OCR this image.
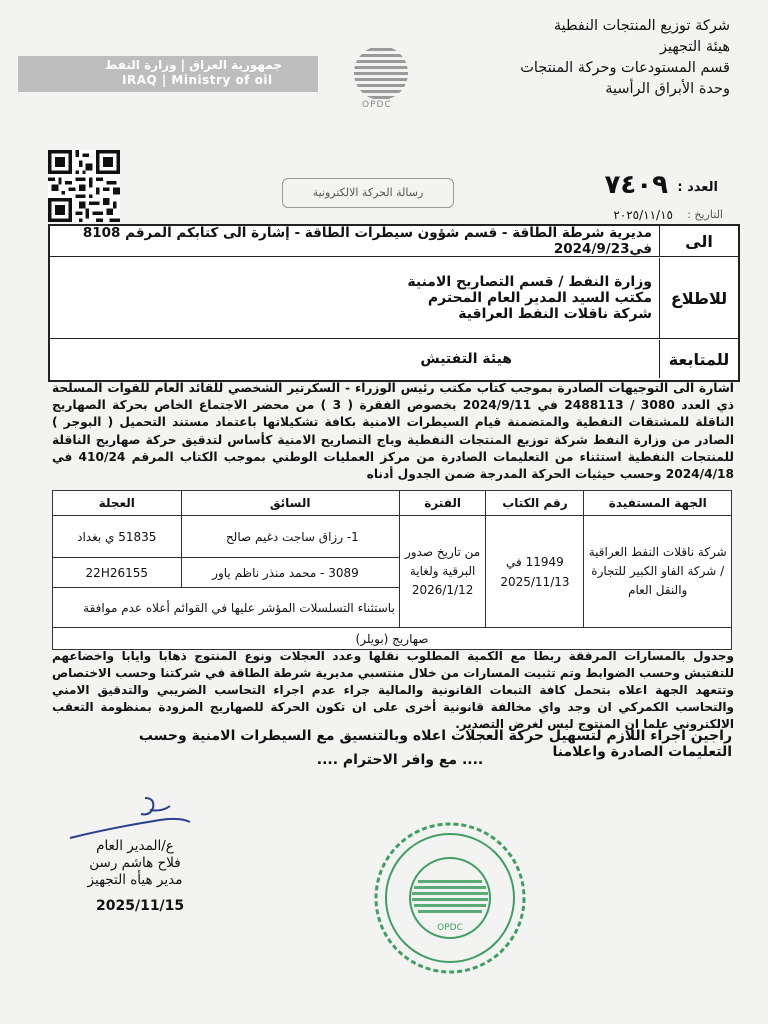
شركة توزيع المنتجات النفطية
هيئة التجهيز
قسم المستودعات وحركة المنتجات
وحدة الأبراق الرأسية
جمهورية العراق | وزارة النفط
IRAQ | Ministry of oil
OPDC
العدد :
٧٤٠٩
التاريخ :
٢٠٢٥/١١/١٥
رسالة الحركة الالكترونية
الى
مديرية شرطة الطاقة - قسم شؤون سيطرات الطاقة - إشارة الى كتابكم المرقم 8108 في2024/9/23
للاطلاع
وزارة النفط / قسم التصاريح الامنية
مكتب السيد المدير العام المحترم
شركة ناقلات النفط العراقية
للمتابعة
هيئة التفتيش
اشارة الى التوجيهات الصادرة بموجب كتاب مكتب رئيس الوزراء - السكرتير الشخصي للقائد العام للقوات المسلحة ذي العدد 3080 / 2488113 في 2024/9/11 بخصوص الفقرة ( 3 ) من محضر الاجتماع الخاص بحركة الصهاريج الناقلة للمشتقات النفطية والمتضمنة قيام السيطرات الامنية بكافة تشكيلاتها باعتماد مستند التحميل ( البوجر ) الصادر من وزارة النفط شركة توزيع المنتجات النفطية وباج التصاريح الامنية كأساس لتدقيق حركة صهاريج الناقلة للمنتجات النفطية استثناء من التعليمات الصادرة من مركز العمليات الوطني بموجب الكتاب المرقم 410/24 في 2024/4/18 وحسب حيثيات الحركة المدرجة ضمن الجدول أدناه
الجهة المستفيدة	رقم الكتاب	الفترة	السائق	العجلة
شركة ناقلات النفط العراقية / شركة الفاو الكبير للتجارة والنقل العام	11949 في 2025/11/13	من تاريخ صدور البرقية ولغاية 2026/1/12	1- رزاق ساجت دغيم صالح	51835 ي بغداد
			3089 - محمد منذر ناظم ياور	22H26155
			باستثناء التسلسلات المؤشر عليها في القوائم أعلاه عدم موافقة	
صهاريج (بويلر)				
وجدول بالمسارات المرفقة ربطا مع الكمية المطلوب نقلها وعدد العجلات ونوع المنتوج ذهابا وايابا واخضاعهم للتفتيش وحسب الضوابط وتم تثبيت المسارات من خلال منتسبي مديرية شرطة الطاقة في شركتنا وحسب الاختصاص وتتعهد الجهة اعلاه بتحمل كافة التبعات القانونية والمالية جراء عدم اجراء التحاسب الضريبي والتدقيق الامني والتحاسب الكمركي ان وجد واي مخالفة قانونية أخرى على ان تكون الحركة للصهاريج المزودة بمنظومة التعقب الالكتروني علما ان المنتوج ليس لغرض التصدير.
راجين اجراء اللازم لتسهيل حركة العجلات اعلاه وبالتنسيق مع السيطرات الامنية وحسب التعليمات الصادرة واعلامنا
.... مع وافر الاحترام ....
ع/المدير العام
فلاح هاشم رسن
مدير هيأه التجهيز
2025/11/15
OPDC
